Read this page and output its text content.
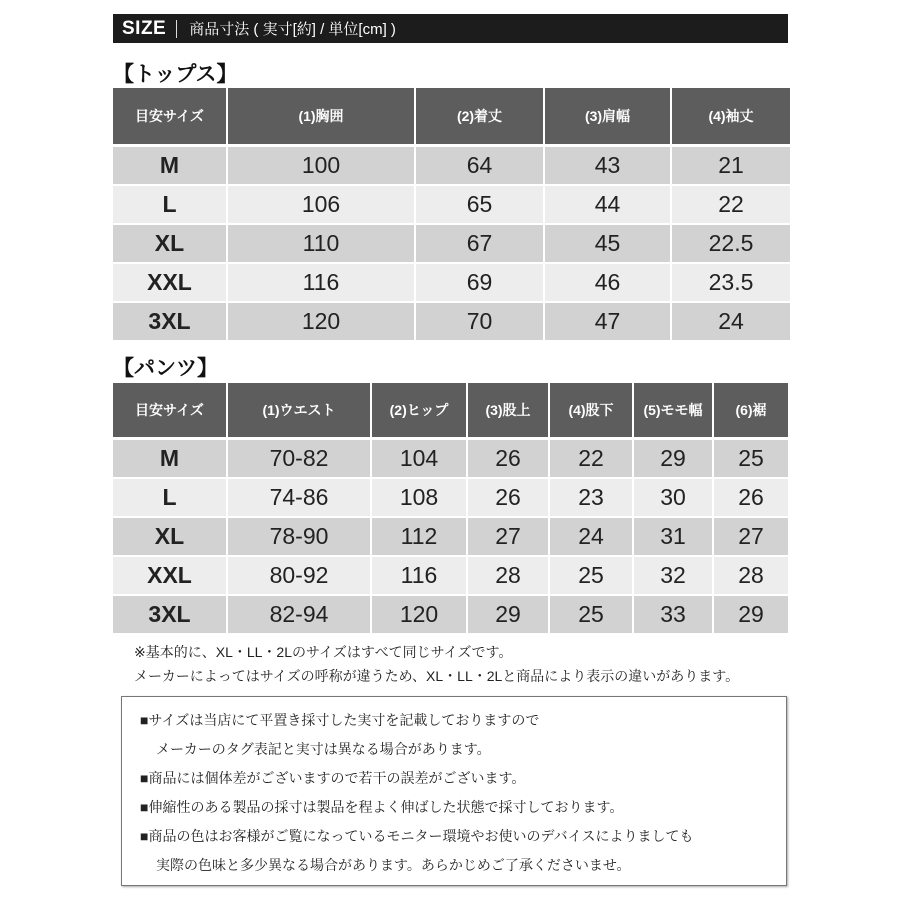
SIZE 商品寸法 ( 実寸[約] / 単位[cm] )
【トップス】
目安サイズ	(1)胸囲	(2)着丈	(3)肩幅	(4)袖丈
M	100	64	43	21
L	106	65	44	22
XL	110	67	45	22.5
XXL	116	69	46	23.5
3XL	120	70	47	24
【パンツ】
目安サイズ	(1)ウエスト	(2)ヒップ	(3)股上	(4)股下	(5)モモ幅	(6)裾
M	70-82	104	26	22	29	25
L	74-86	108	26	23	30	26
XL	78-90	112	27	24	31	27
XXL	80-92	116	28	25	32	28
3XL	82-94	120	29	25	33	29
※基本的に、XL・LL・2Lのサイズはすべて同じサイズです。
メーカーによってはサイズの呼称が違うため、XL・LL・2Lと商品により表示の違いがあります。

■サイズは当店にて平置き採寸した実寸を記載しておりますので

メーカーのタグ表記と実寸は異なる場合があります。

■商品には個体差がございますので若干の誤差がございます。

■伸縮性のある製品の採寸は製品を程よく伸ばした状態で採寸しております。

■商品の色はお客様がご覧になっているモニター環境やお使いのデバイスによりましても

実際の色味と多少異なる場合があります。あらかじめご了承くださいませ。
